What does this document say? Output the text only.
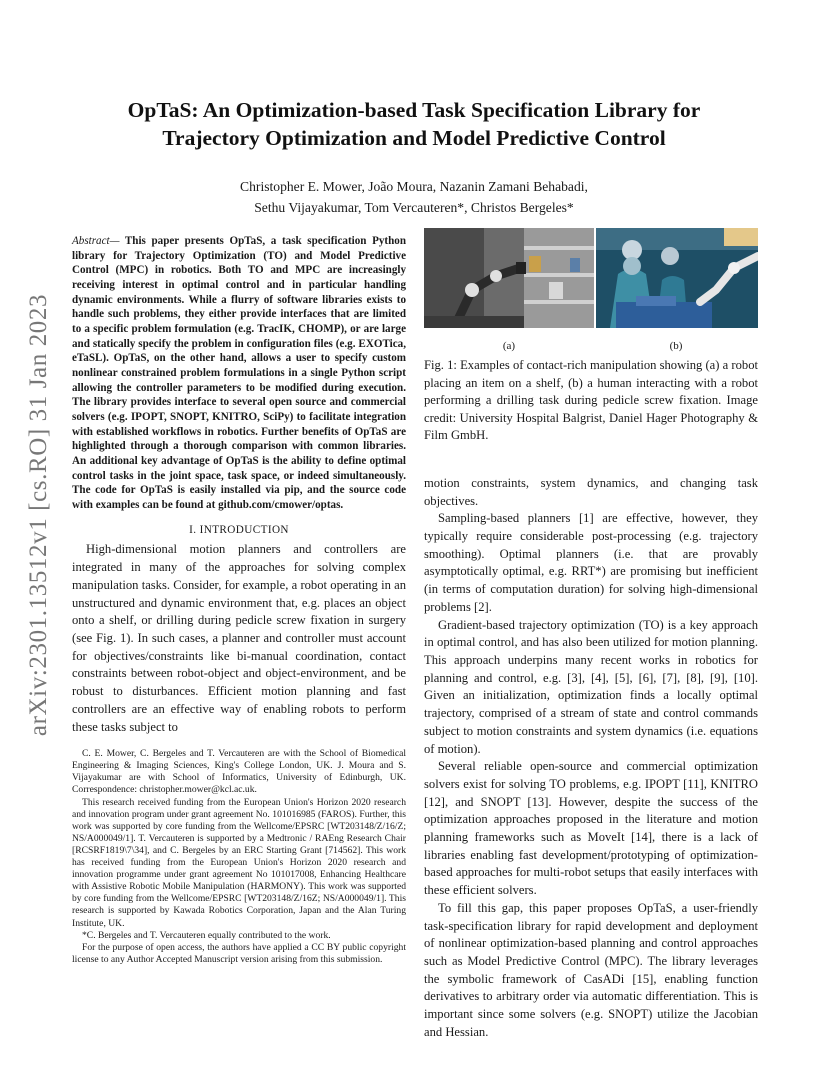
arXiv:2301.13512v1 [cs.RO] 31 Jan 2023
OpTaS: An Optimization-based Task Specification Library for
Trajectory Optimization and Model Predictive Control
Christopher E. Mower, João Moura, Nazanin Zamani Behabadi,
Sethu Vijayakumar, Tom Vercauteren*, Christos Bergeles*
Abstract— This paper presents OpTaS, a task specification Python library for Trajectory Optimization (TO) and Model Predictive Control (MPC) in robotics. Both TO and MPC are increasingly receiving interest in optimal control and in particular handling dynamic environments. While a flurry of software libraries exists to handle such problems, they either provide interfaces that are limited to a specific problem formulation (e.g. TracIK, CHOMP), or are large and statically specify the problem in configuration files (e.g. EXOTica, eTaSL). OpTaS, on the other hand, allows a user to specify custom nonlinear constrained problem formulations in a single Python script allowing the controller parameters to be modified during execution. The library provides interface to several open source and commercial solvers (e.g. IPOPT, SNOPT, KNITRO, SciPy) to facilitate integration with established workflows in robotics. Further benefits of OpTaS are highlighted through a thorough comparison with common libraries. An additional key advantage of OpTaS is the ability to define optimal control tasks in the joint space, task space, or indeed simultaneously. The code for OpTaS is easily installed via pip, and the source code with examples can be found at github.com/cmower/optas.
I. INTRODUCTION

High-dimensional motion planners and controllers are integrated in many of the approaches for solving complex manipulation tasks. Consider, for example, a robot operating in an unstructured and dynamic environment that, e.g. places an object onto a shelf, or drilling during pedicle screw fixation in surgery (see Fig. 1). In such cases, a planner and controller must account for objectives/constraints like bi-manual coordination, contact constraints between robot-object and object-environment, and be robust to disturbances. Efficient motion planning and fast controllers are an effective way of enabling robots to perform these tasks subject to

C. E. Mower, C. Bergeles and T. Vercauteren are with the School of Biomedical Engineering & Imaging Sciences, King's College London, UK. J. Moura and S. Vijayakumar are with School of Informatics, University of Edinburgh, UK. Correspondence: christopher.mower@kcl.ac.uk.

This research received funding from the European Union's Horizon 2020 research and innovation program under grant agreement No. 101016985 (FAROS). Further, this work was supported by core funding from the Wellcome/EPSRC [WT203148/Z/16/Z; NS/A000049/1]. T. Vercauteren is supported by a Medtronic / RAEng Research Chair [RCSRF1819\7\34], and C. Bergeles by an ERC Starting Grant [714562]. This work has received funding from the European Union's Horizon 2020 research and innovation programme under grant agreement No 101017008, Enhancing Healthcare with Assistive Robotic Mobile Manipulation (HARMONY). This work was supported by core funding from the Wellcome/EPSRC [WT203148/Z/16Z; NS/A000049/1]. This research is supported by Kawada Robotics Corporation, Japan and the Alan Turing Institute, UK.

*C. Bergeles and T. Vercauteren equally contributed to the work.

For the purpose of open access, the authors have applied a CC BY public copyright license to any Author Accepted Manuscript version arising from this submission.

(a)	(b)
Fig. 1: Examples of contact-rich manipulation showing (a) a robot placing an item on a shelf, (b) a human interacting with a robot performing a drilling task during pedicle screw fixation. Image credit: University Hospital Balgrist, Daniel Hager Photography & Film GmbH.

motion constraints, system dynamics, and changing task objectives.

Sampling-based planners [1] are effective, however, they typically require considerable post-processing (e.g. trajectory smoothing). Optimal planners (i.e. that are provably asymptotically optimal, e.g. RRT*) are promising but inefficient (in terms of computation duration) for solving high-dimensional problems [2].

Gradient-based trajectory optimization (TO) is a key approach in optimal control, and has also been utilized for motion planning. This approach underpins many recent works in robotics for planning and control, e.g. [3], [4], [5], [6], [7], [8], [9], [10]. Given an initialization, optimization finds a locally optimal trajectory, comprised of a stream of state and control commands subject to motion constraints and system dynamics (i.e. equations of motion).

Several reliable open-source and commercial optimization solvers exist for solving TO problems, e.g. IPOPT [11], KNITRO [12], and SNOPT [13]. However, despite the success of the optimization approaches proposed in the literature and motion planning frameworks such as MoveIt [14], there is a lack of libraries enabling fast development/prototyping of optimization-based approaches for multi-robot setups that easily interfaces with these efficient solvers.

To fill this gap, this paper proposes OpTaS, a user-friendly task-specification library for rapid development and deployment of nonlinear optimization-based planning and control approaches such as Model Predictive Control (MPC). The library leverages the symbolic framework of CasADi [15], enabling function derivatives to arbitrary order via automatic differentiation. This is important since some solvers (e.g. SNOPT) utilize the Jacobian and Hessian.
